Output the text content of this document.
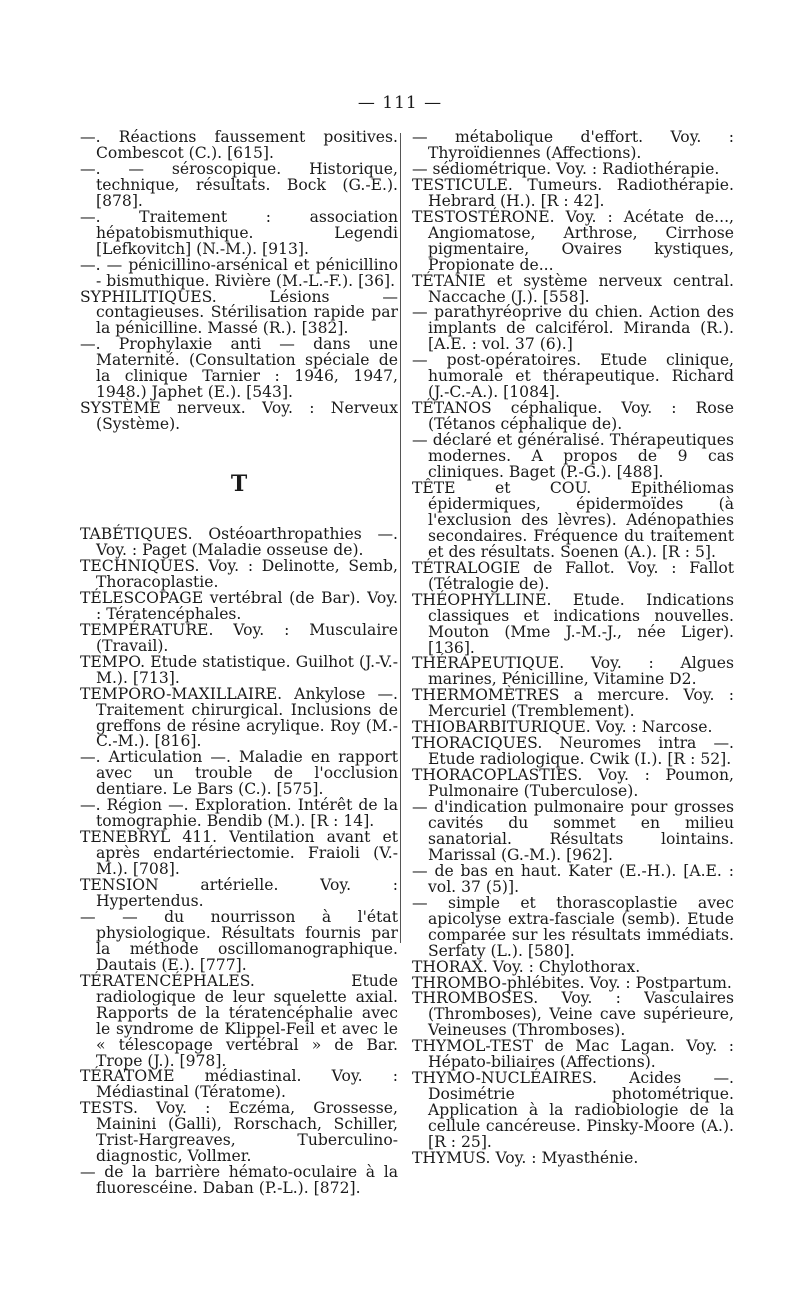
— 111 —

—. Réactions faussement positives. Combescot (C.). [615].

—. — séroscopique. Historique, technique, résultats. Bock (G.-E.). [878].

—. Traitement : association hépatobismuthique. Legendi [Lefkovitch] (N.-M.). [913].

—. — pénicillino-arsénical et pénicillino - bismuthique. Rivière (M.-L.-F.). [36].

SYPHILITIQUES. Lésions — contagieuses. Stérilisation rapide par la pénicilline. Massé (R.). [382].

—. Prophylaxie anti — dans une Maternité. (Consultation spéciale de la clinique Tarnier : 1946, 1947, 1948.) Japhet (E.). [543].

SYSTÈME nerveux. Voy. : Nerveux (Système).

T

TABÉTIQUES. Ostéoarthropathies —. Voy. : Paget (Maladie osseuse de).

TECHNIQUES. Voy. : Delinotte, Semb, Thoracoplastie.

TÉLESCOPAGE vertébral (de Bar). Voy. : Tératencéphales.

TEMPÉRATURE. Voy. : Musculaire (Travail).

TEMPO. Etude statistique. Guilhot (J.-V.-M.). [713].

TEMPORO-MAXILLAIRE. Ankylose —. Traitement chirurgical. Inclusions de greffons de résine acrylique. Roy (M.-C.-M.). [816].

—. Articulation —. Maladie en rapport avec un trouble de l'occlusion dentiare. Le Bars (C.). [575].

—. Région —. Exploration. Intérêt de la tomographie. Bendib (M.). [R : 14].

TENEBRYL 411. Ventilation avant et après endartériectomie. Fraioli (V.-M.). [708].

TENSION artérielle. Voy. : Hypertendus.

— — du nourrisson à l'état physiologique. Résultats fournis par la méthode oscillomanographique. Dautais (E.). [777].

TÉRATENCÉPHALES. Etude radiologique de leur squelette axial. Rapports de la tératencéphalie avec le syndrome de Klippel-Feil et avec le « télescopage vertébral » de Bar. Trope (J.). [978].

TÉRATOME médiastinal. Voy. : Médiastinal (Tératome).

TESTS. Voy. : Eczéma, Grossesse, Mainini (Galli), Rorschach, Schiller, Trist-Hargreaves, Tuberculino-diagnostic, Vollmer.

— de la barrière hémato-oculaire à la fluorescéine. Daban (P.-L.). [872].

— métabolique d'effort. Voy. : Thyroïdiennes (Affections).

— sédiométrique. Voy. : Radiothérapie.

TESTICULE. Tumeurs. Radiothérapie. Hebrard (H.). [R : 42].

TESTOSTÉRONE. Voy. : Acétate de..., Angiomatose, Arthrose, Cirrhose pigmentaire, Ovaires kystiques, Propionate de...

TÉTANIE et système nerveux central. Naccache (J.). [558].

— parathyréoprive du chien. Action des implants de calciférol. Miranda (R.). [A.E. : vol. 37 (6).]

— post-opératoires. Etude clinique, humorale et thérapeutique. Richard (J.-C.-A.). [1084].

TÉTANOS céphalique. Voy. : Rose (Tétanos céphalique de).

— déclaré et généralisé. Thérapeutiques modernes. A propos de 9 cas cliniques. Baget (P.-G.). [488].

TÊTE et COU. Epithéliomas épidermiques, épidermoïdes (à l'exclusion des lèvres). Adénopathies secondaires. Fréquence du traitement et des résultats. Soenen (A.). [R : 5].

TÉTRALOGIE de Fallot. Voy. : Fallot (Tétralogie de).

THÉOPHYLLINE. Etude. Indications classiques et indications nouvelles. Mouton (Mme J.-M.-J., née Liger). [136].

THÉRAPEUTIQUE. Voy. : Algues marines, Pénicilline, Vitamine D2.

THERMOMÈTRES a mercure. Voy. : Mercuriel (Tremblement).

THIOBARBITURIQUE. Voy. : Narcose.

THORACIQUES. Neuromes intra —. Etude radiologique. Cwik (I.). [R : 52].

THORACOPLASTIES. Voy. : Poumon, Pulmonaire (Tuberculose).

— d'indication pulmonaire pour grosses cavités du sommet en milieu sanatorial. Résultats lointains. Marissal (G.-M.). [962].

— de bas en haut. Kater (E.-H.). [A.E. : vol. 37 (5)].

— simple et thorascoplastie avec apicolyse extra-fasciale (semb). Etude comparée sur les résultats immédiats. Serfaty (L.). [580].

THORAX. Voy. : Chylothorax.

THROMBO-phlébites. Voy. : Postpartum.

THROMBOSES. Voy. : Vasculaires (Thromboses), Veine cave supérieure, Veineuses (Thromboses).

THYMOL-TEST de Mac Lagan. Voy. : Hépato-biliaires (Affections).

THYMO-NUCLÉAIRES. Acides —. Dosimétrie photométrique. Application à la radiobiologie de la cellule cancéreuse. Pinsky-Moore (A.). [R : 25].

THYMUS. Voy. : Myasthénie.
